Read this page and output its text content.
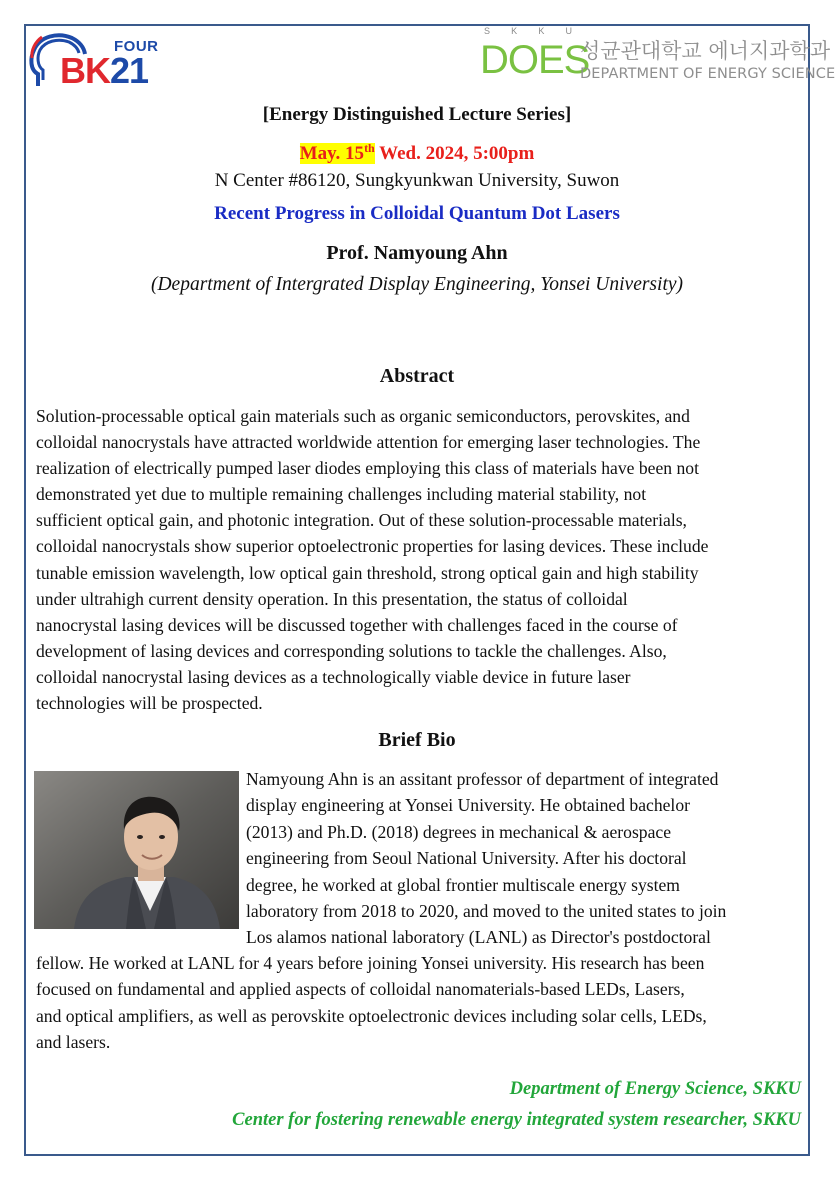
FOUR
BK21
S K K U
DOES
성균관대학교 에너지과학과
DEPARTMENT OF ENERGY SCIENCE
[Energy Distinguished Lecture Series]
May. 15th Wed. 2024, 5:00pm
N Center #86120, Sungkyunkwan University, Suwon
Recent Progress in Colloidal Quantum Dot Lasers
Prof. Namyoung Ahn
(Department of Intergrated Display Engineering, Yonsei University)
Abstract
Solution-processable optical gain materials such as organic semiconductors, perovskites, and
colloidal nanocrystals have attracted worldwide attention for emerging laser technologies. The
realization of electrically pumped laser diodes employing this class of materials have been not
demonstrated yet due to multiple remaining challenges including material stability, not
sufficient optical gain, and photonic integration. Out of these solution-processable materials,
colloidal nanocrystals show superior optoelectronic properties for lasing devices. These include
tunable emission wavelength, low optical gain threshold, strong optical gain and high stability
under ultrahigh current density operation. In this presentation, the status of colloidal
nanocrystal lasing devices will be discussed together with challenges faced in the course of
development of lasing devices and corresponding solutions to tackle the challenges. Also,
colloidal nanocrystal lasing devices as a technologically viable device in future laser
technologies will be prospected.
Brief Bio
Namyoung Ahn is an assitant professor of department of integrated
display engineering at Yonsei University. He obtained bachelor
(2013) and Ph.D. (2018) degrees in mechanical & aerospace
engineering from Seoul National University. After his doctoral
degree, he worked at global frontier multiscale energy system
laboratory from 2018 to 2020, and moved to the united states to join
Los alamos national laboratory (LANL) as Director's postdoctoral
fellow. He worked at LANL for 4 years before joining Yonsei university. His research has been
focused on fundamental and applied aspects of colloidal nanomaterials-based LEDs, Lasers,
and optical amplifiers, as well as perovskite optoelectronic devices including solar cells, LEDs,
and lasers.
Department of Energy Science, SKKU
Center for fostering renewable energy integrated system researcher, SKKU
